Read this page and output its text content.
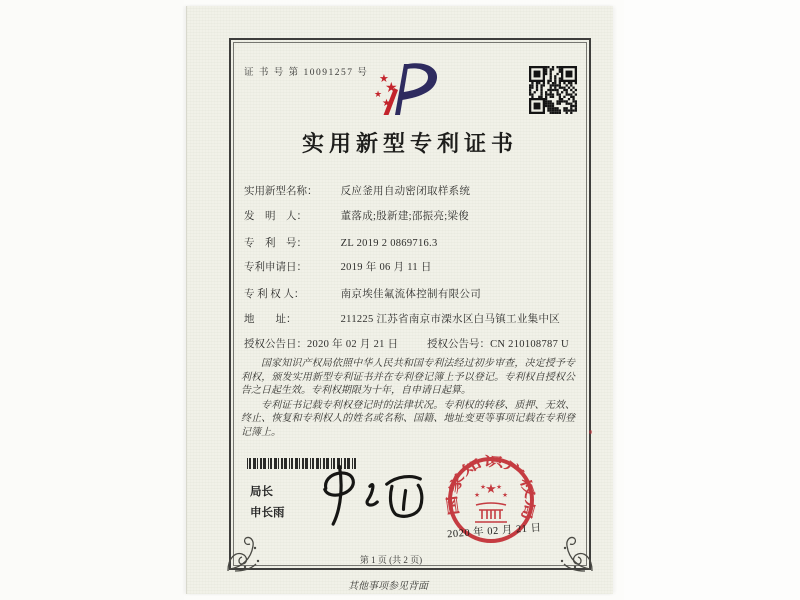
证 书 号 第 10091257 号 ★
★
★
★
实用新型专利证书
实用新型名称： 反应釜用自动密闭取样系统
发　明　人：	董落成;殷新建;邵振亮;梁俊
专　利　号：	ZL 2019 2 0869716.3
专利申请日：	2019 年 06 月 11 日
专 利 权 人：	南京埃佳氟流体控制有限公司
地　　址：	211225 江苏省南京市溧水区白马镇工业集中区
授权公告日：2020 年 02 月 21 日	授权公告号：CN 210108787 U

国家知识产权局依照中华人民共和国专利法经过初步审查，决定授予专利权，颁发实用新型专利证书并在专利登记簿上予以登记。专利权自授权公告之日起生效。专利权期限为十年，自申请日起算。

专利证书记载专利权登记时的法律状况。专利权的转移、质押、无效、终止、恢复和专利权人的姓名或名称、国籍、地址变更等事项记载在专利登记簿上。

局长
申长雨	国家知识产权局
★
★
★ ★
★
2020 年 02 月 21 日
第 1 页 (共 2 页)
其他事项参见背面
